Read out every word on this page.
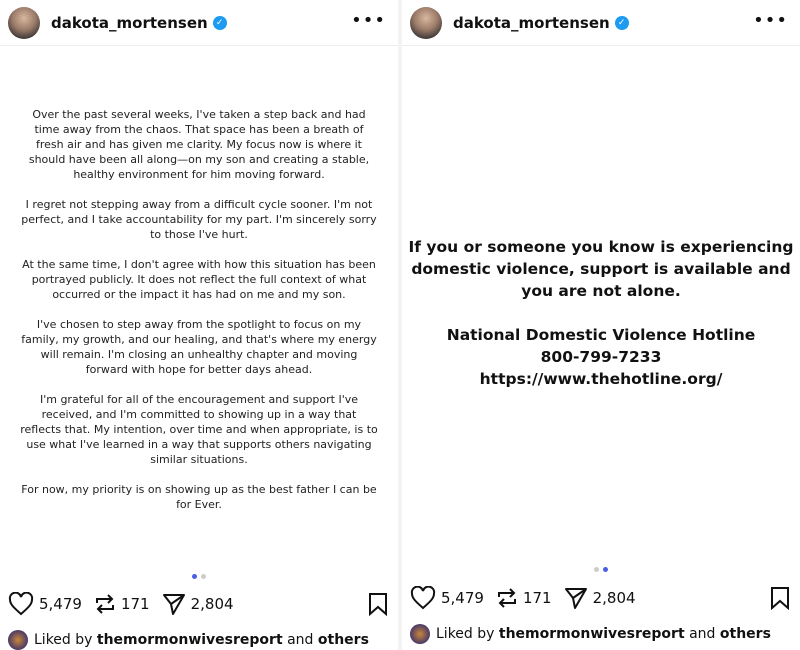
dakota_mortensen ✓	•••

Over the past several weeks, I've taken a step back and had time away from the chaos. That space has been a breath of fresh air and has given me clarity. My focus now is where it should have been all along—on my son and creating a stable, healthy environment for him moving forward.

I regret not stepping away from a difficult cycle sooner. I'm not perfect, and I take accountability for my part. I'm sincerely sorry to those I've hurt.

At the same time, I don't agree with how this situation has been portrayed publicly. It does not reflect the full context of what occurred or the impact it has had on me and my son.

I've chosen to step away from the spotlight to focus on my family, my growth, and our healing, and that's where my energy will remain. I'm closing an unhealthy chapter and moving forward with hope for better days ahead.

I'm grateful for all of the encouragement and support I've received, and I'm committed to showing up in a way that reflects that. My intention, over time and when appropriate, is to use what I've learned in a way that supports others navigating similar situations.

For now, my priority is on showing up as the best father I can be for Ever.

5,479	171	2,804
Liked by
themormonwivesreport
and
others
dakota_mortensen ✓	•••

If you or someone you know is experiencing domestic violence, support is available and you are not alone.

National Domestic Violence Hotline
800-799-7233
https://www.thehotline.org/
5,479	171	2,804
Liked by
themormonwivesreport
and
others
